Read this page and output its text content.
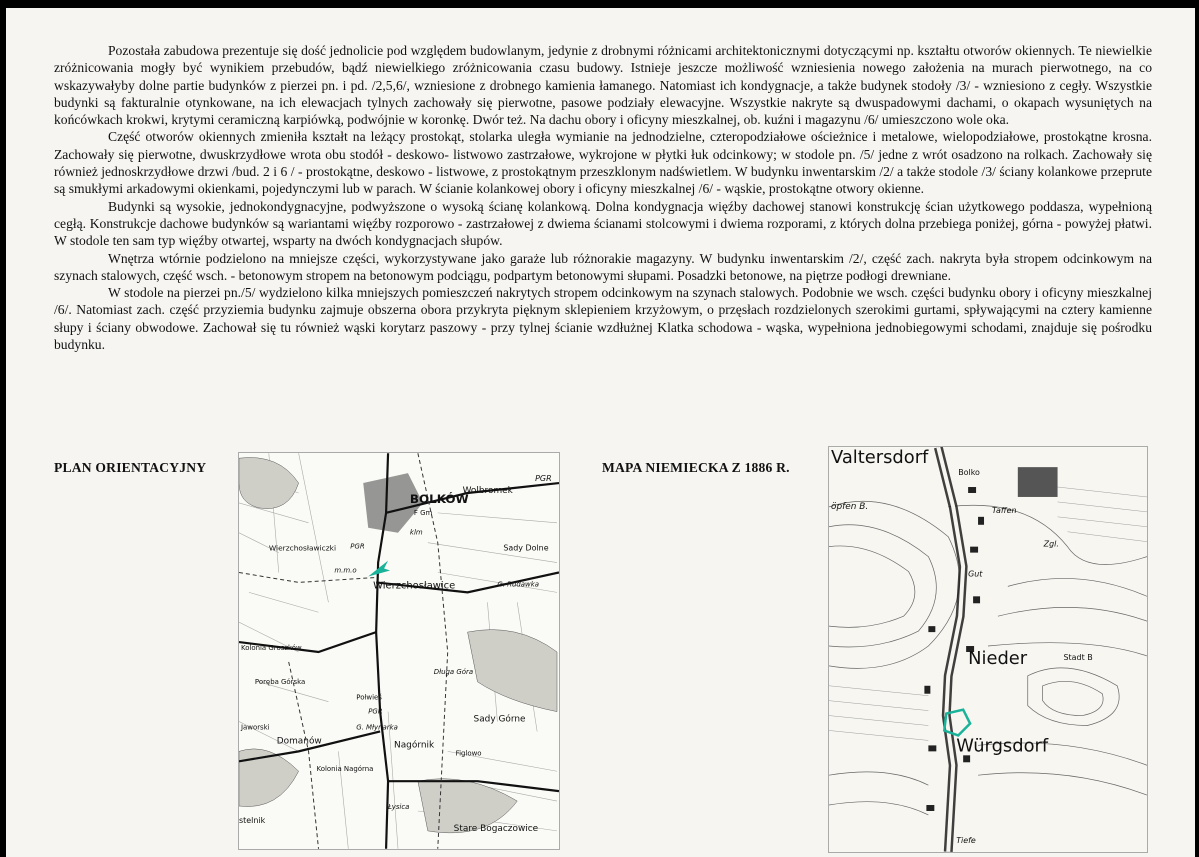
Pozostała zabudowa prezentuje się dość jednolicie pod względem budowlanym, jedynie z drobnymi różnicami architektonicznymi dotyczącymi np. kształtu otworów okiennych. Te niewielkie zróżnicowania mogły być wynikiem przebudów, bądź niewielkiego zróżnicowania czasu budowy. Istnieje jeszcze możliwość wzniesienia nowego założenia na murach pierwotnego, na co wskazywałyby dolne partie budynków z pierzei pn. i pd. /2,5,6/, wzniesione z drobnego kamienia łamanego. Natomiast ich kondygnacje, a także budynek stodoły /3/ - wzniesiono z cegły. Wszystkie budynki są fakturalnie otynkowane, na ich elewacjach tylnych zachowały się pierwotne, pasowe podziały elewacyjne. Wszystkie nakryte są dwuspadowymi dachami, o okapach wysuniętych na końcówkach krokwi, krytymi ceramiczną karpiówką, podwójnie w koronkę. Dwór też. Na dachu obory i oficyny mieszkalnej, ob. kuźni i magazynu /6/ umieszczono wole oka.

Część otworów okiennych zmieniła kształt na leżący prostokąt, stolarka uległa wymianie na jednodzielne, czteropodziałowe ościeżnice i metalowe, wielopodziałowe, prostokątne krosna. Zachowały się pierwotne, dwuskrzydłowe wrota obu stodół - deskowo- listwowo zastrzałowe, wykrojone w płytki łuk odcinkowy; w stodole pn. /5/ jedne z wrót osadzono na rolkach. Zachowały się również jednoskrzydłowe drzwi /bud. 2 i 6 / - prostokątne, deskowo - listwowe, z prostokątnym przeszklonym nadświetlem. W budynku inwentarskim /2/ a także stodole /3/ ściany kolankowe przeprute są smukłymi arkadowymi okienkami, pojedynczymi lub w parach. W ścianie kolankowej obory i oficyny mieszkalnej /6/ - wąskie, prostokątne otwory okienne.

Budynki są wysokie, jednokondygnacyjne, podwyższone o wysoką ścianę kolankową. Dolna kondygnacja więźby dachowej stanowi konstrukcję ścian użytkowego poddasza, wypełnioną cegłą. Konstrukcje dachowe budynków są wariantami więźby rozporowo - zastrzałowej z dwiema ścianami stolcowymi i dwiema rozporami, z których dolna przebiega poniżej, górna - powyżej płatwi. W stodole ten sam typ więźby otwartej, wsparty na dwóch kondygnacjach słupów.

Wnętrza wtórnie podzielono na mniejsze części, wykorzystywane jako garaże lub różnorakie magazyny. W budynku inwentarskim /2/, część zach. nakryta była stropem odcinkowym na szynach stalowych, część wsch. - betonowym stropem na betonowym podciągu, podpartym betonowymi słupami. Posadzki betonowe, na piętrze podłogi drewniane.

W stodole na pierzei pn./5/ wydzielono kilka mniejszych pomieszczeń nakrytych stropem odcinkowym na szynach stalowych. Podobnie we wsch. części budynku obory i oficyny mieszkalnej /6/. Natomiast zach. część przyziemia budynku zajmuje obszerna obora przykryta pięknym sklepieniem krzyżowym, o przęsłach rozdzielonych szerokimi gurtami, spływającymi na cztery kamienne słupy i ściany obwodowe. Zachował się tu również wąski korytarz paszowy - przy tylnej ścianie wzdłużnej Klatka schodowa - wąska, wypełniona jednobiegowymi schodami, znajduje się pośrodku budynku.

PLAN ORIENTACYJNY	MAPA NIEMIECKA Z 1886 R.
BOLKÓW
Wolbromek
Wierzchosławice
Wierzchosławiczki	Sady Dolne
G. Rudawka
Kolonia Groszków
Poręba Górska
Długa Góra
Połwieś
Sady Górne
Jaworski
Domanów
G. Młynarka
Nagórnik
Kolonia Nagórna
Figlowo
Stare Bogaczowice
stelnik
PGR
PGR
PGR
klm
F Gm
m.m.o
Łysica
Valtersdorf
Nieder
Würgsdorf
Stadt B
Bolko
öpfen B.
Zgl.
Gut
Taffen
Tiefe
